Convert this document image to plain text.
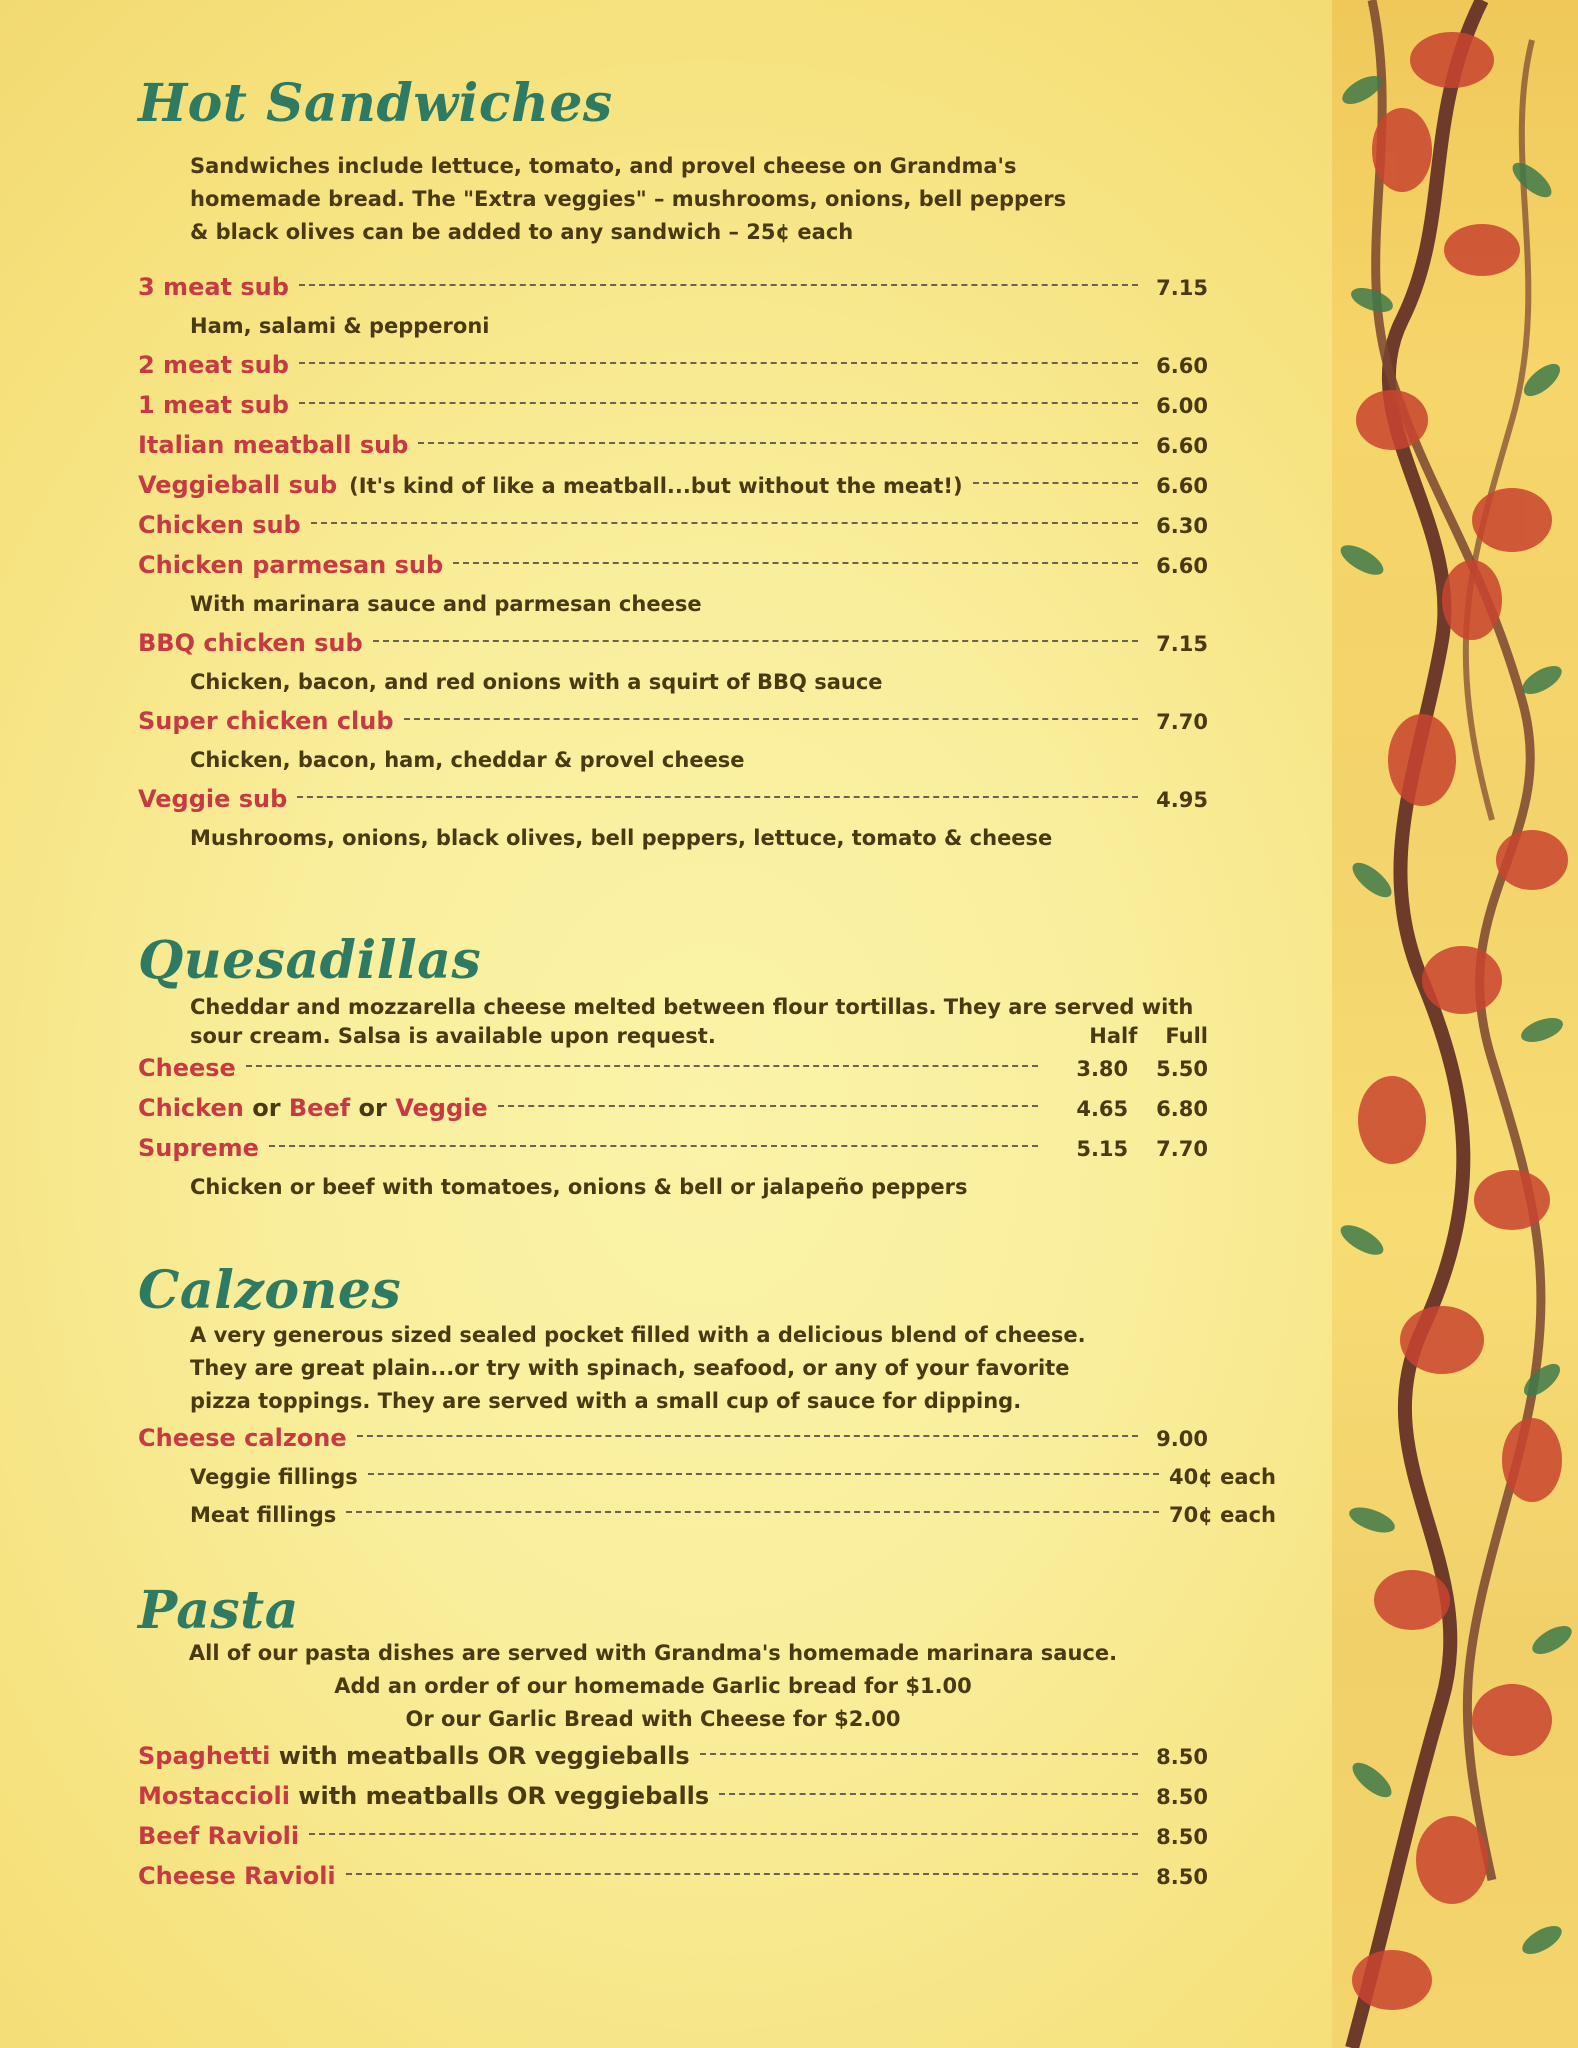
Hot Sandwiches
Sandwiches include lettuce, tomato, and provel cheese on Grandma's
homemade bread. The "Extra veggies" – mushrooms, onions, bell peppers
& black olives can be added to any sandwich – 25¢ each
3 meat sub	7.15
Ham, salami & pepperoni
2 meat sub	6.60
1 meat sub	6.00
Italian meatball sub	6.60
Veggieball sub (It's kind of like a meatball...but without the meat!)	6.60
Chicken sub	6.30
Chicken parmesan sub	6.60
With marinara sauce and parmesan cheese
BBQ chicken sub	7.15
Chicken, bacon, and red onions with a squirt of BBQ sauce
Super chicken club	7.70
Chicken, bacon, ham, cheddar & provel cheese
Veggie sub	4.95
Mushrooms, onions, black olives, bell peppers, lettuce, tomato & cheese
Quesadillas
Cheddar and mozzarella cheese melted between flour tortillas. They are served with
sour cream. Salsa is available upon request.	Half Full
Cheese	3.80 5.50
Chicken or Beef or Veggie	4.65 6.80
Supreme	5.15 7.70
Chicken or beef with tomatoes, onions & bell or jalapeño peppers
Calzones
A very generous sized sealed pocket filled with a delicious blend of cheese.
They are great plain...or try with spinach, seafood, or any of your favorite
pizza toppings. They are served with a small cup of sauce for dipping.
Cheese calzone	9.00
Veggie fillings	40¢ each
Meat fillings	70¢ each
Pasta
All of our pasta dishes are served with Grandma's homemade marinara sauce.
Add an order of our homemade Garlic bread for $1.00
Or our Garlic Bread with Cheese for $2.00
Spaghetti with meatballs OR veggieballs	8.50
Mostaccioli with meatballs OR veggieballs	8.50
Beef Ravioli	8.50
Cheese Ravioli	8.50
